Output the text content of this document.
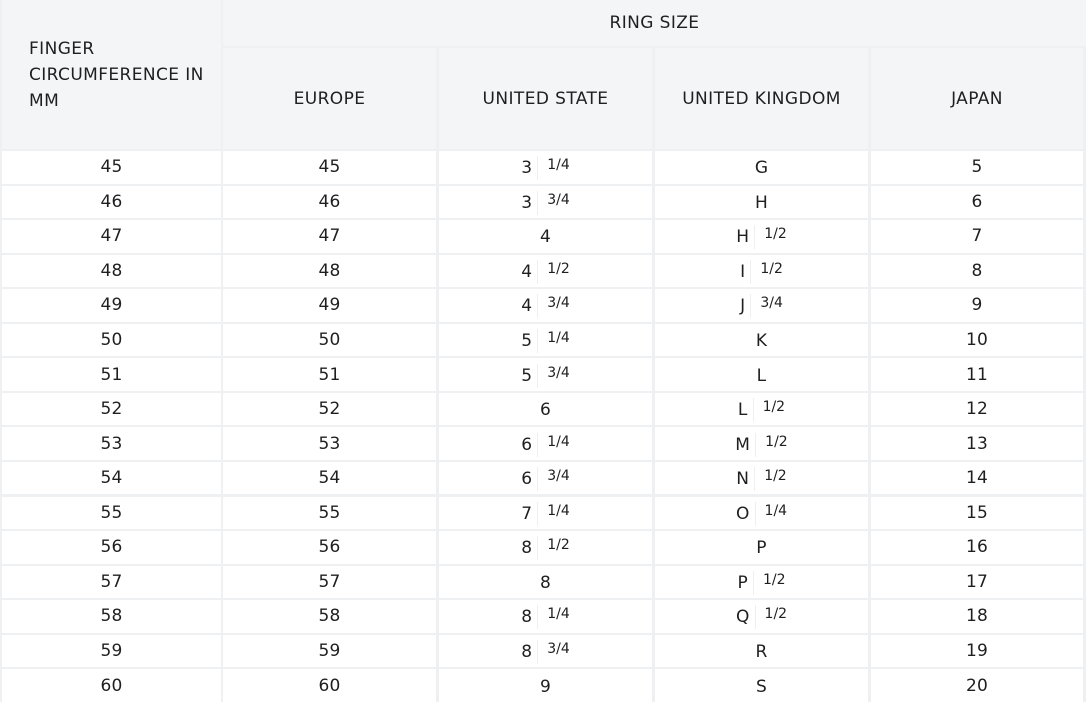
FINGER CIRCUMFERENCE IN MM
RING SIZE
EUROPE	UNITED STATE	UNITED KINGDOM	JAPAN
45	45	3 1/4	G	5
46	46	3 3/4	H	6
47	47	4	H 1/2	7
48	48	4 1/2	I 1/2	8
49	49	4 3/4	J 3/4	9
50	50	5 1/4	K	10
51	51	5 3/4	L	11
52	52	6	L 1/2	12
53	53	6 1/4	M 1/2	13
54	54	6 3/4	N 1/2	14
55	55	7 1/4	O 1/4	15
56	56	8 1/2	P	16
57	57	8	P 1/2	17
58	58	8 1/4	Q 1/2	18
59	59	8 3/4	R	19
60	60	9	S	20
